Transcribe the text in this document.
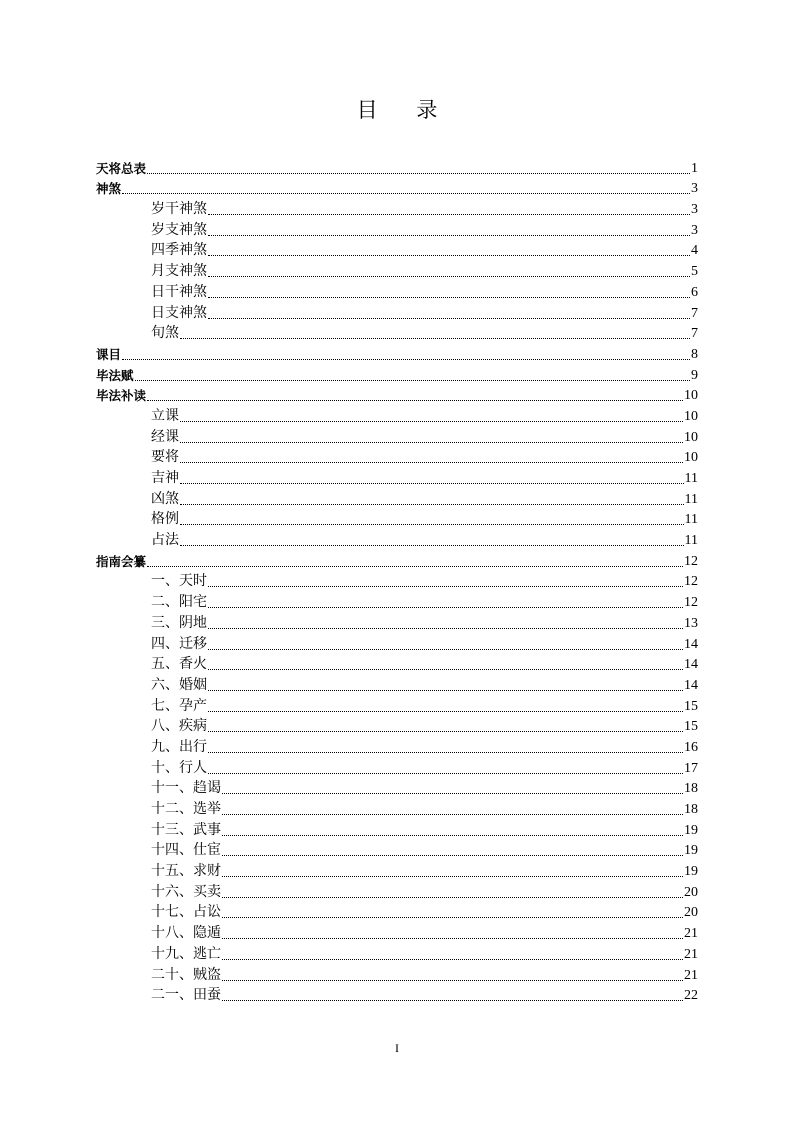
目 录
天将总表	1
神煞	3
岁干神煞	3
岁支神煞	3
四季神煞	4
月支神煞	5
日干神煞	6
日支神煞	7
旬煞	7
课目	8
毕法赋	9
毕法补读	10
立课	10
经课	10
要将	10
吉神	11
凶煞	11
格例	11
占法	11
指南会纂	12
一、天时	12
二、阳宅	12
三、阴地	13
四、迁移	14
五、香火	14
六、婚姻	14
七、孕产	15
八、疾病	15
九、出行	16
十、行人	17
十一、趋谒	18
十二、选举	18
十三、武事	19
十四、仕宦	19
十五、求财	19
十六、买卖	20
十七、占讼	20
十八、隐遁	21
十九、逃亡	21
二十、贼盗	21
二一、田蚕	22
I
